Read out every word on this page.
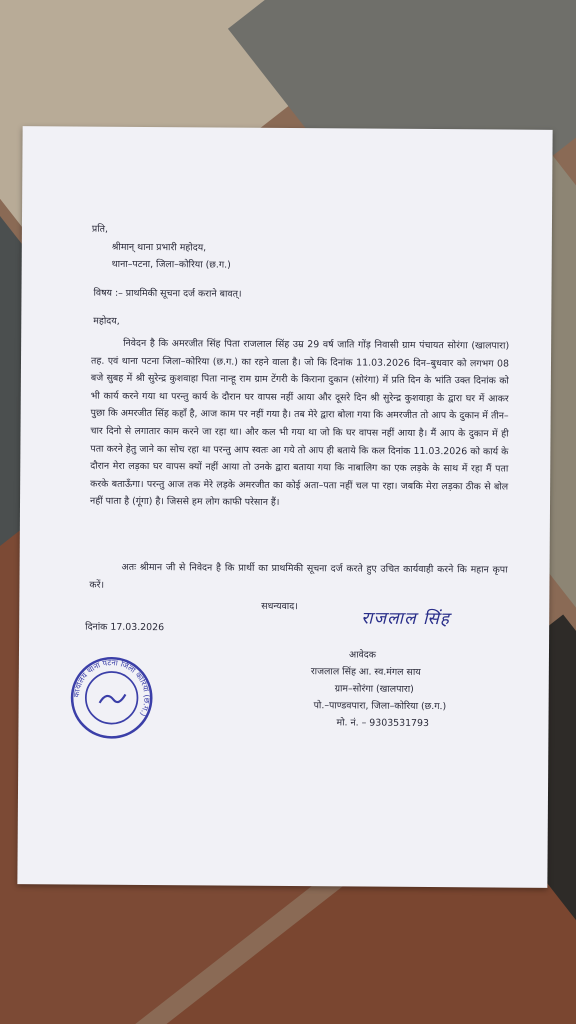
प्रति,
श्रीमान् थाना प्रभारी महोदय,
थाना–पटना, जिला–कोरिया (छ.ग.)
विषय :– प्राथमिकी सूचना दर्ज कराने बावत्।
महोदय,
निवेदन है कि अमरजीत सिंह पिता राजलाल सिंह उम्र 29 वर्ष जाति गोंड़ निवासी ग्राम पंचायत सोरंगा (खालपारा) तह. एवं थाना पटना जिला–कोरिया (छ.ग.) का रहने वाला है। जो कि दिनांक 11.03.2026 दिन–बुधवार को लगभग 08 बजे सुबह में श्री सुरेन्द्र कुशवाहा पिता नान्हू राम ग्राम टेंगरी के किराना दुकान (सोरंगा) में प्रति दिन के भांति उक्त दिनांक को भी कार्य करने गया था परन्तु कार्य के दौरान घर वापस नहीं आया और दूसरे दिन श्री सुरेन्द्र कुशवाहा के द्वारा घर में आकर पुछा कि अमरजीत सिंह कहाँ है, आज काम पर नहीं गया है। तब मेरे द्वारा बोला गया कि अमरजीत तो आप के दुकान में तीन–चार दिनो से लगातार काम करने जा रहा था। और कल भी गया था जो कि घर वापस नहीं आया है। मैं आप के दुकान में ही पता करने हेतु जाने का सोच रहा था परन्तु आप स्वतः आ गये तो आप ही बताये कि कल दिनांक 11.03.2026 को कार्य के दौरान मेरा लड़का घर वापस क्यों नहीं आया तो उनके द्वारा बताया गया कि नाबालिग का एक लड़के के साथ में रहा मैं पता करके बताऊँगा। परन्तु आज तक मेरे लड़के अमरजीत का कोई अता–पता नहीं चल पा रहा। जबकि मेरा लड़का ठीक से बोल नहीं पाता है (गूंगा) है। जिससे हम लोग काफी परेसान हैं।
अतः श्रीमान जी से निवेदन है कि प्रार्थी का प्राथमिकी सूचना दर्ज करते हुए उचित कार्यवाही करने कि महान कृपा करें।
सधन्यवाद।
राजलाल सिंह
दिनांक 17.03.2026
आवेदक
राजलाल सिंह आ. स्व.मंगल साय
ग्राम–सोरंगा (खालपारा)
पो.–पाण्डवपारा, जिला–कोरिया (छ.ग.)
मो. नं. – 9303531793
कार्यालय थाना पटना जिला कोरिया (छ.ग.)
